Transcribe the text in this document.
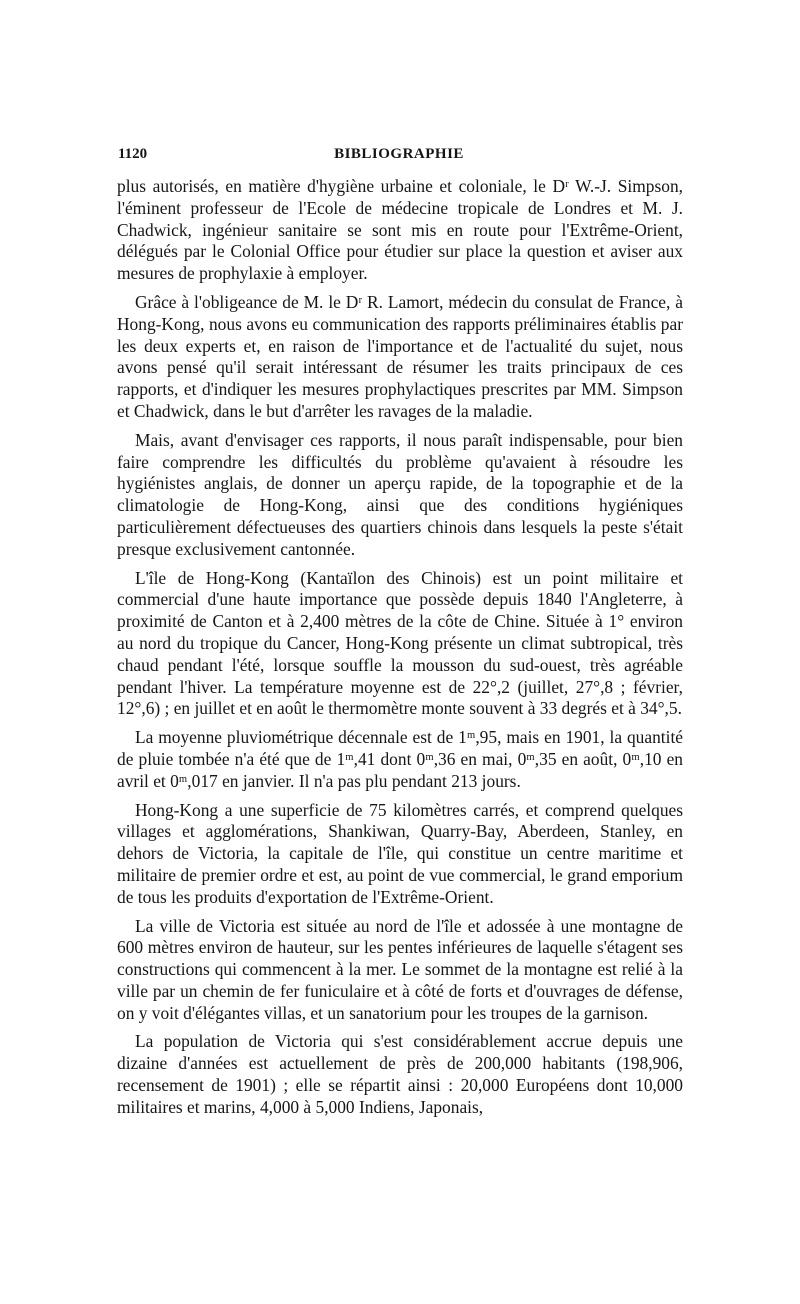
1120	BIBLIOGRAPHIE

plus autorisés, en matière d'hygiène urbaine et coloniale, le Dʳ W.-J. Simpson, l'éminent professeur de l'Ecole de médecine tropicale de Londres et M. J. Chadwick, ingénieur sanitaire se sont mis en route pour l'Extrême-Orient, délégués par le Colonial Office pour étudier sur place la question et aviser aux mesures de prophylaxie à employer.

Grâce à l'obligeance de M. le Dʳ R. Lamort, médecin du consulat de France, à Hong-Kong, nous avons eu communication des rapports préliminaires établis par les deux experts et, en raison de l'importance et de l'actualité du sujet, nous avons pensé qu'il serait intéressant de résumer les traits principaux de ces rapports, et d'indiquer les mesures prophylactiques prescrites par MM. Simpson et Chadwick, dans le but d'arrêter les ravages de la maladie.

Mais, avant d'envisager ces rapports, il nous paraît indispensable, pour bien faire comprendre les difficultés du problème qu'avaient à résoudre les hygiénistes anglais, de donner un aperçu rapide, de la topographie et de la climatologie de Hong-Kong, ainsi que des conditions hygiéniques particulièrement défectueuses des quartiers chinois dans lesquels la peste s'était presque exclusivement cantonnée.

L'île de Hong-Kong (Kantaïlon des Chinois) est un point militaire et commercial d'une haute importance que possède depuis 1840 l'Angleterre, à proximité de Canton et à 2,400 mètres de la côte de Chine. Située à 1° environ au nord du tropique du Cancer, Hong-Kong présente un climat subtropical, très chaud pendant l'été, lorsque souffle la mousson du sud-ouest, très agréable pendant l'hiver. La température moyenne est de 22°,2 (juillet, 27°,8 ; février, 12°,6) ; en juillet et en août le thermomètre monte souvent à 33 degrés et à 34°,5.

La moyenne pluviométrique décennale est de 1ᵐ,95, mais en 1901, la quantité de pluie tombée n'a été que de 1ᵐ,41 dont 0ᵐ,36 en mai, 0ᵐ,35 en août, 0ᵐ,10 en avril et 0ᵐ,017 en janvier. Il n'a pas plu pendant 213 jours.

Hong-Kong a une superficie de 75 kilomètres carrés, et comprend quelques villages et agglomérations, Shankiwan, Quarry-Bay, Aberdeen, Stanley, en dehors de Victoria, la capitale de l'île, qui constitue un centre maritime et militaire de premier ordre et est, au point de vue commercial, le grand emporium de tous les produits d'exportation de l'Extrême-Orient.

La ville de Victoria est située au nord de l'île et adossée à une montagne de 600 mètres environ de hauteur, sur les pentes inférieures de laquelle s'étagent ses constructions qui commencent à la mer. Le sommet de la montagne est relié à la ville par un chemin de fer funiculaire et à côté de forts et d'ouvrages de défense, on y voit d'élégantes villas, et un sanatorium pour les troupes de la garnison.

La population de Victoria qui s'est considérablement accrue depuis une dizaine d'années est actuellement de près de 200,000 habitants (198,906, recensement de 1901) ; elle se répartit ainsi : 20,000 Européens dont 10,000 militaires et marins, 4,000 à 5,000 Indiens, Japonais,
